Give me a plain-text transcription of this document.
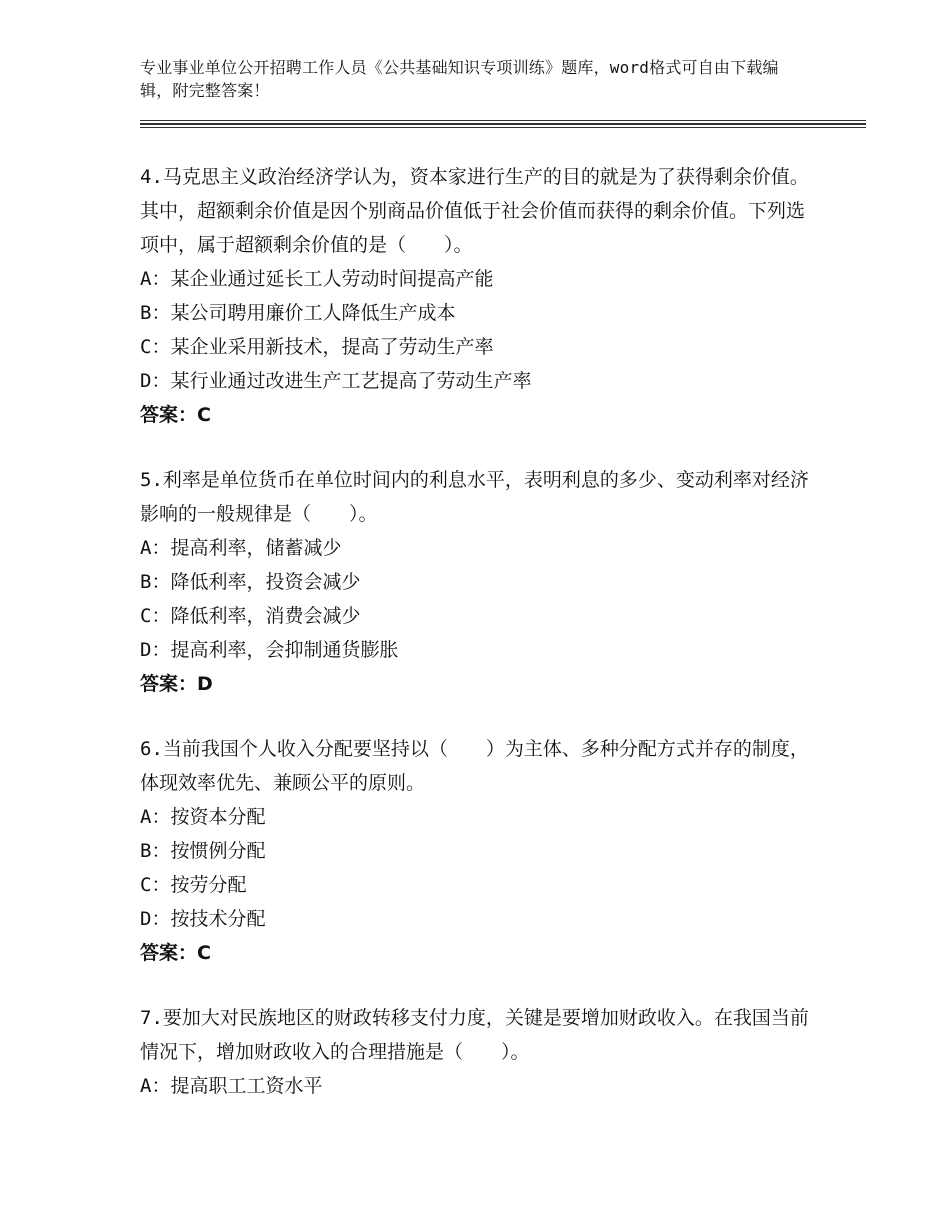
专业事业单位公开招聘工作人员《公共基础知识专项训练》题库，word格式可自由下载编辑，附完整答案！

4.马克思主义政治经济学认为，资本家进行生产的目的就是为了获得剩余价值。其中，超额剩余价值是因个别商品价值低于社会价值而获得的剩余价值。下列选项中，属于超额剩余价值的是（　　）。

A：某企业通过延长工人劳动时间提高产能

B：某公司聘用廉价工人降低生产成本

C：某企业采用新技术，提高了劳动生产率

D：某行业通过改进生产工艺提高了劳动生产率

答案：C

5.利率是单位货币在单位时间内的利息水平，表明利息的多少、变动利率对经济影响的一般规律是（　　）。

A：提高利率，储蓄减少

B：降低利率，投资会减少

C：降低利率，消费会减少

D：提高利率，会抑制通货膨胀

答案：D

6.当前我国个人收入分配要坚持以（　　）为主体、多种分配方式并存的制度，体现效率优先、兼顾公平的原则。

A：按资本分配

B：按惯例分配

C：按劳分配

D：按技术分配

答案：C

7.要加大对民族地区的财政转移支付力度，关键是要增加财政收入。在我国当前情况下，增加财政收入的合理措施是（　　）。

A：提高职工工资水平
